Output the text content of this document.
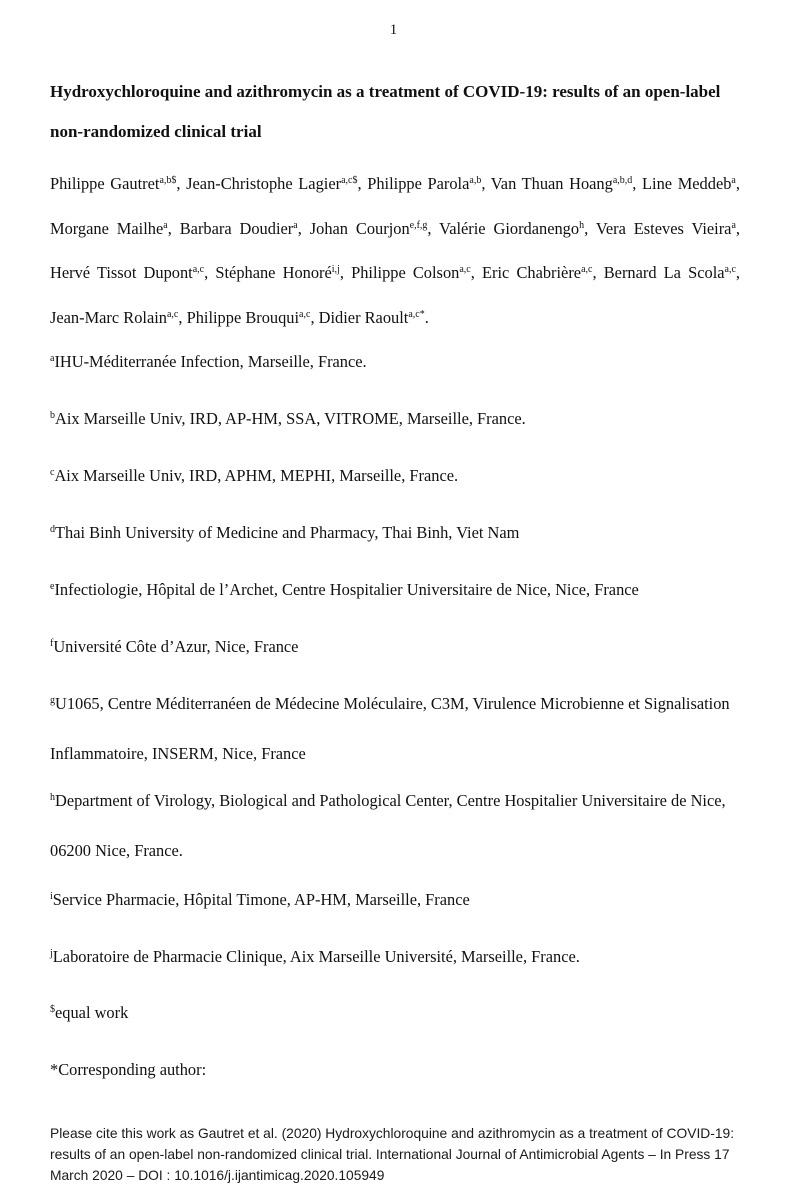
1
Hydroxychloroquine and azithromycin as a treatment of COVID-19: results of an open-label non-randomized clinical trial

Philippe Gautret$^{a,b\$}$, Jean-Christophe Lagier$^{a,c\$}$, Philippe Parola$^{a,b}$, Van Thuan Hoang$^{a,b,d}$, Line Meddeb$^a$, Morgane Mailhe$^a$, Barbara Doudier$^a$, Johan Courjon$^{e,f,g}$, Valérie Giordanengo$^h$, Vera Esteves Vieira$^a$, Hervé Tissot Dupont$^{a,c}$, Stéphane Honoré$^{i,j}$, Philippe Colson$^{a,c}$, Eric Chabrière$^{a,c}$, Bernard La Scola$^{a,c}$, Jean-Marc Rolain$^{a,c}$, Philippe Brouqui$^{a,c}$, Didier Raoult$^{a,c*}$.

$^a$IHU-Méditerranée Infection, Marseille, France.

$^b$Aix Marseille Univ, IRD, AP-HM, SSA, VITROME, Marseille, France.

$^c$Aix Marseille Univ, IRD, APHM, MEPHI, Marseille, France.

$^d$Thai Binh University of Medicine and Pharmacy, Thai Binh, Viet Nam

$^e$Infectiologie, Hôpital de l’Archet, Centre Hospitalier Universitaire de Nice, Nice, France

$^f$Université Côte d’Azur, Nice, France

$^g$U1065, Centre Méditerranéen de Médecine Moléculaire, C3M, Virulence Microbienne et Signalisation Inflammatoire, INSERM, Nice, France

$^h$Department of Virology, Biological and Pathological Center, Centre Hospitalier Universitaire de Nice, 06200 Nice, France.

$^i$Service Pharmacie, Hôpital Timone, AP-HM, Marseille, France

$^j$Laboratoire de Pharmacie Clinique, Aix Marseille Université, Marseille, France.

$equal work

*Corresponding author:

Please cite this work as Gautret et al. (2020) Hydroxychloroquine and azithromycin as a treatment of COVID-19: results of an open-label non-randomized clinical trial. International Journal of Antimicrobial Agents – In Press 17 March 2020 – DOI : 10.1016/j.ijantimicag.2020.105949
